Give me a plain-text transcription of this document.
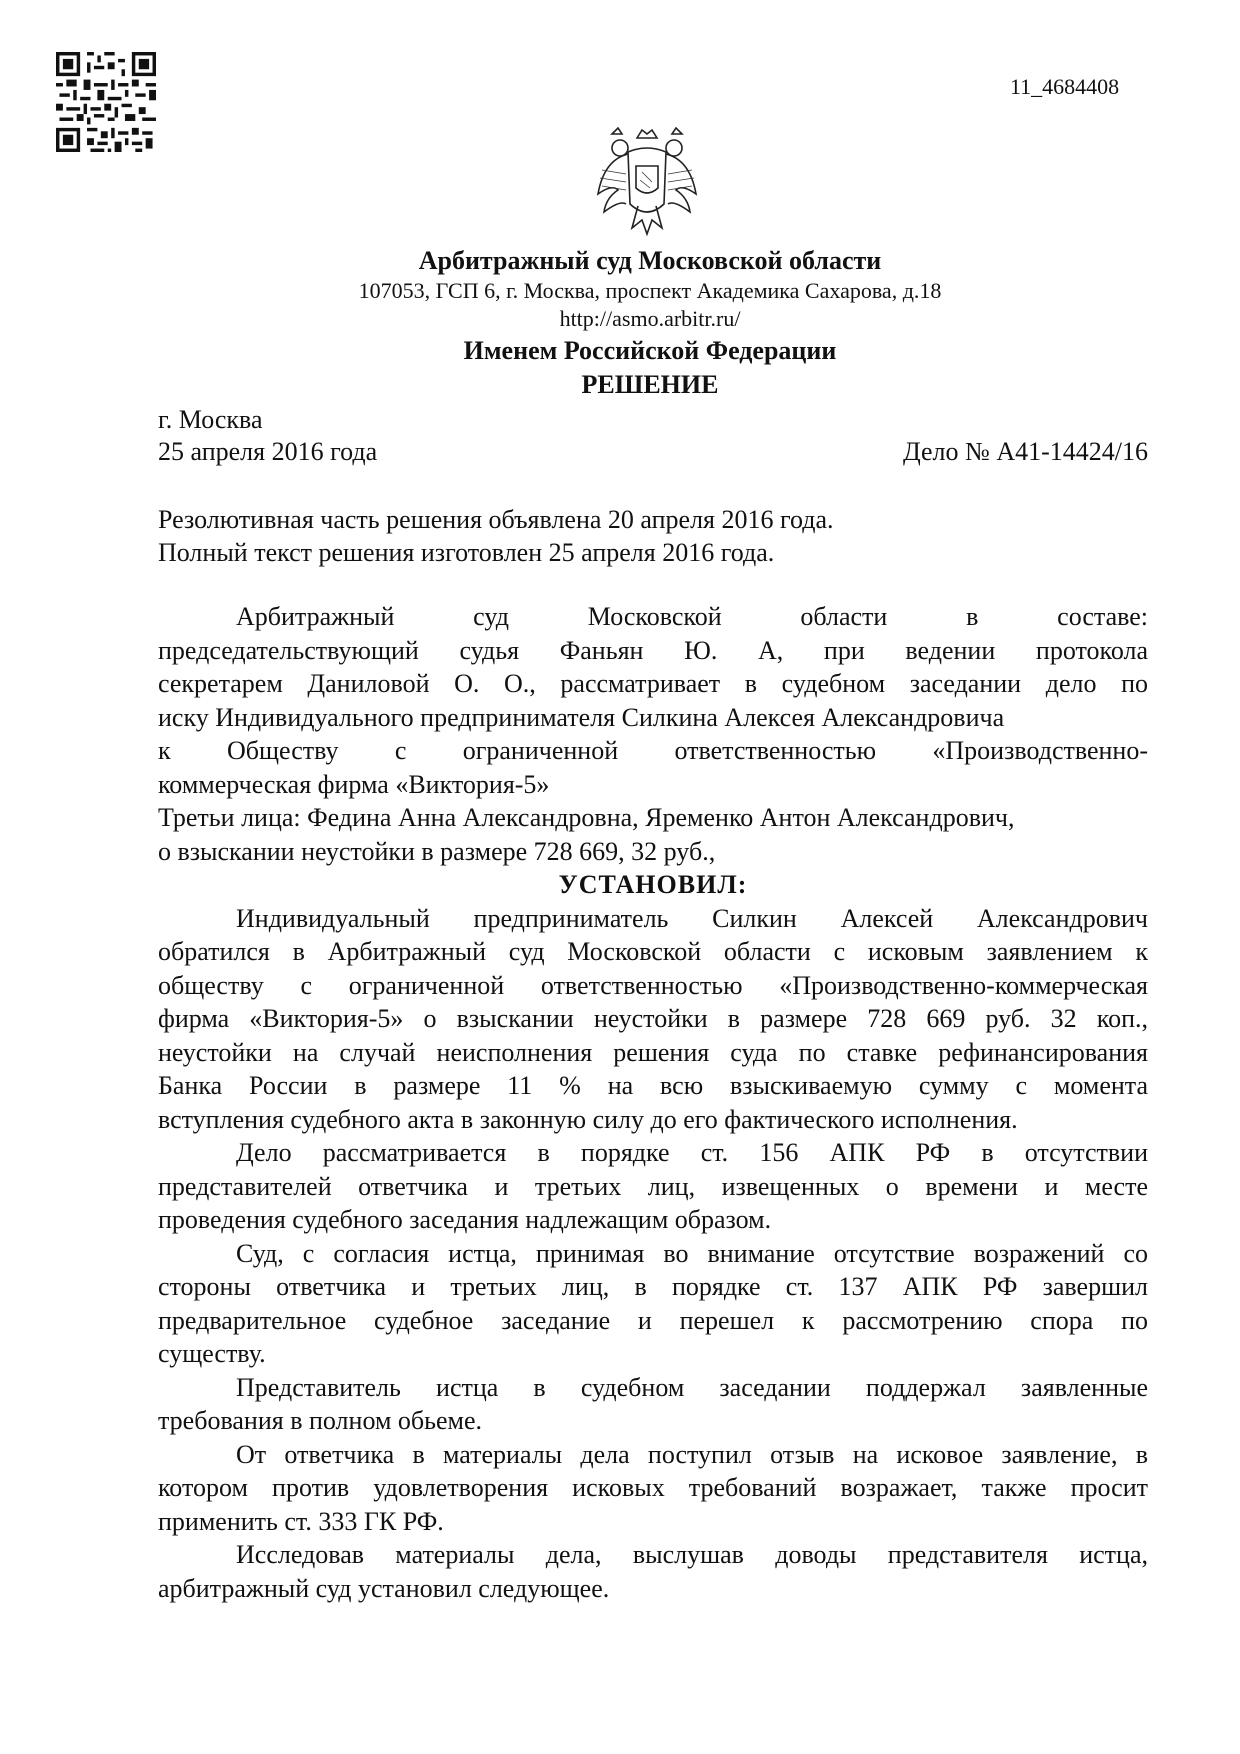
11_4684408
Арбитражный суд Московской области
107053, ГСП 6, г. Москва, проспект Академика Сахарова, д.18
http://asmo.arbitr.ru/
Именем Российской Федерации
РЕШЕНИЕ
г. Москва
25 апреля 2016 года	Дело № А41-14424/16
Резолютивная часть решения объявлена 20 апреля 2016 года.
Полный текст решения изготовлен 25 апреля 2016 года.
Арбитражный суд Московской области в составе:
председательствующий судья Фаньян Ю. А, при ведении протокола
секретарем Даниловой О. О., рассматривает в судебном заседании дело по
иску Индивидуального предпринимателя Силкина Алексея Александровича
к Обществу с ограниченной ответственностью «Производственно-
коммерческая фирма «Виктория-5»
Третьи лица: Федина Анна Александровна, Яременко Антон Александрович,
о взыскании неустойки в размере 728 669, 32 руб.,
УСТАНОВИЛ:
Индивидуальный предприниматель Силкин Алексей Александрович
обратился в Арбитражный суд Московской области с исковым заявлением к
обществу с ограниченной ответственностью «Производственно-коммерческая
фирма «Виктория-5» о взыскании неустойки в размере 728 669 руб. 32 коп.,
неустойки на случай неисполнения решения суда по ставке рефинансирования
Банка России в размере 11 % на всю взыскиваемую сумму с момента
вступления судебного акта в законную силу до его фактического исполнения.
Дело рассматривается в порядке ст. 156 АПК РФ в отсутствии
представителей ответчика и третьих лиц, извещенных о времени и месте
проведения судебного заседания надлежащим образом.
Суд, с согласия истца, принимая во внимание отсутствие возражений со
стороны ответчика и третьих лиц, в порядке ст. 137 АПК РФ завершил
предварительное судебное заседание и перешел к рассмотрению спора по
существу.
Представитель истца в судебном заседании поддержал заявленные
требования в полном обьеме.
От ответчика в материалы дела поступил отзыв на исковое заявление, в
котором против удовлетворения исковых требований возражает, также просит
применить ст. 333 ГК РФ.
Исследовав материалы дела, выслушав доводы представителя истца,
арбитражный суд установил следующее.
